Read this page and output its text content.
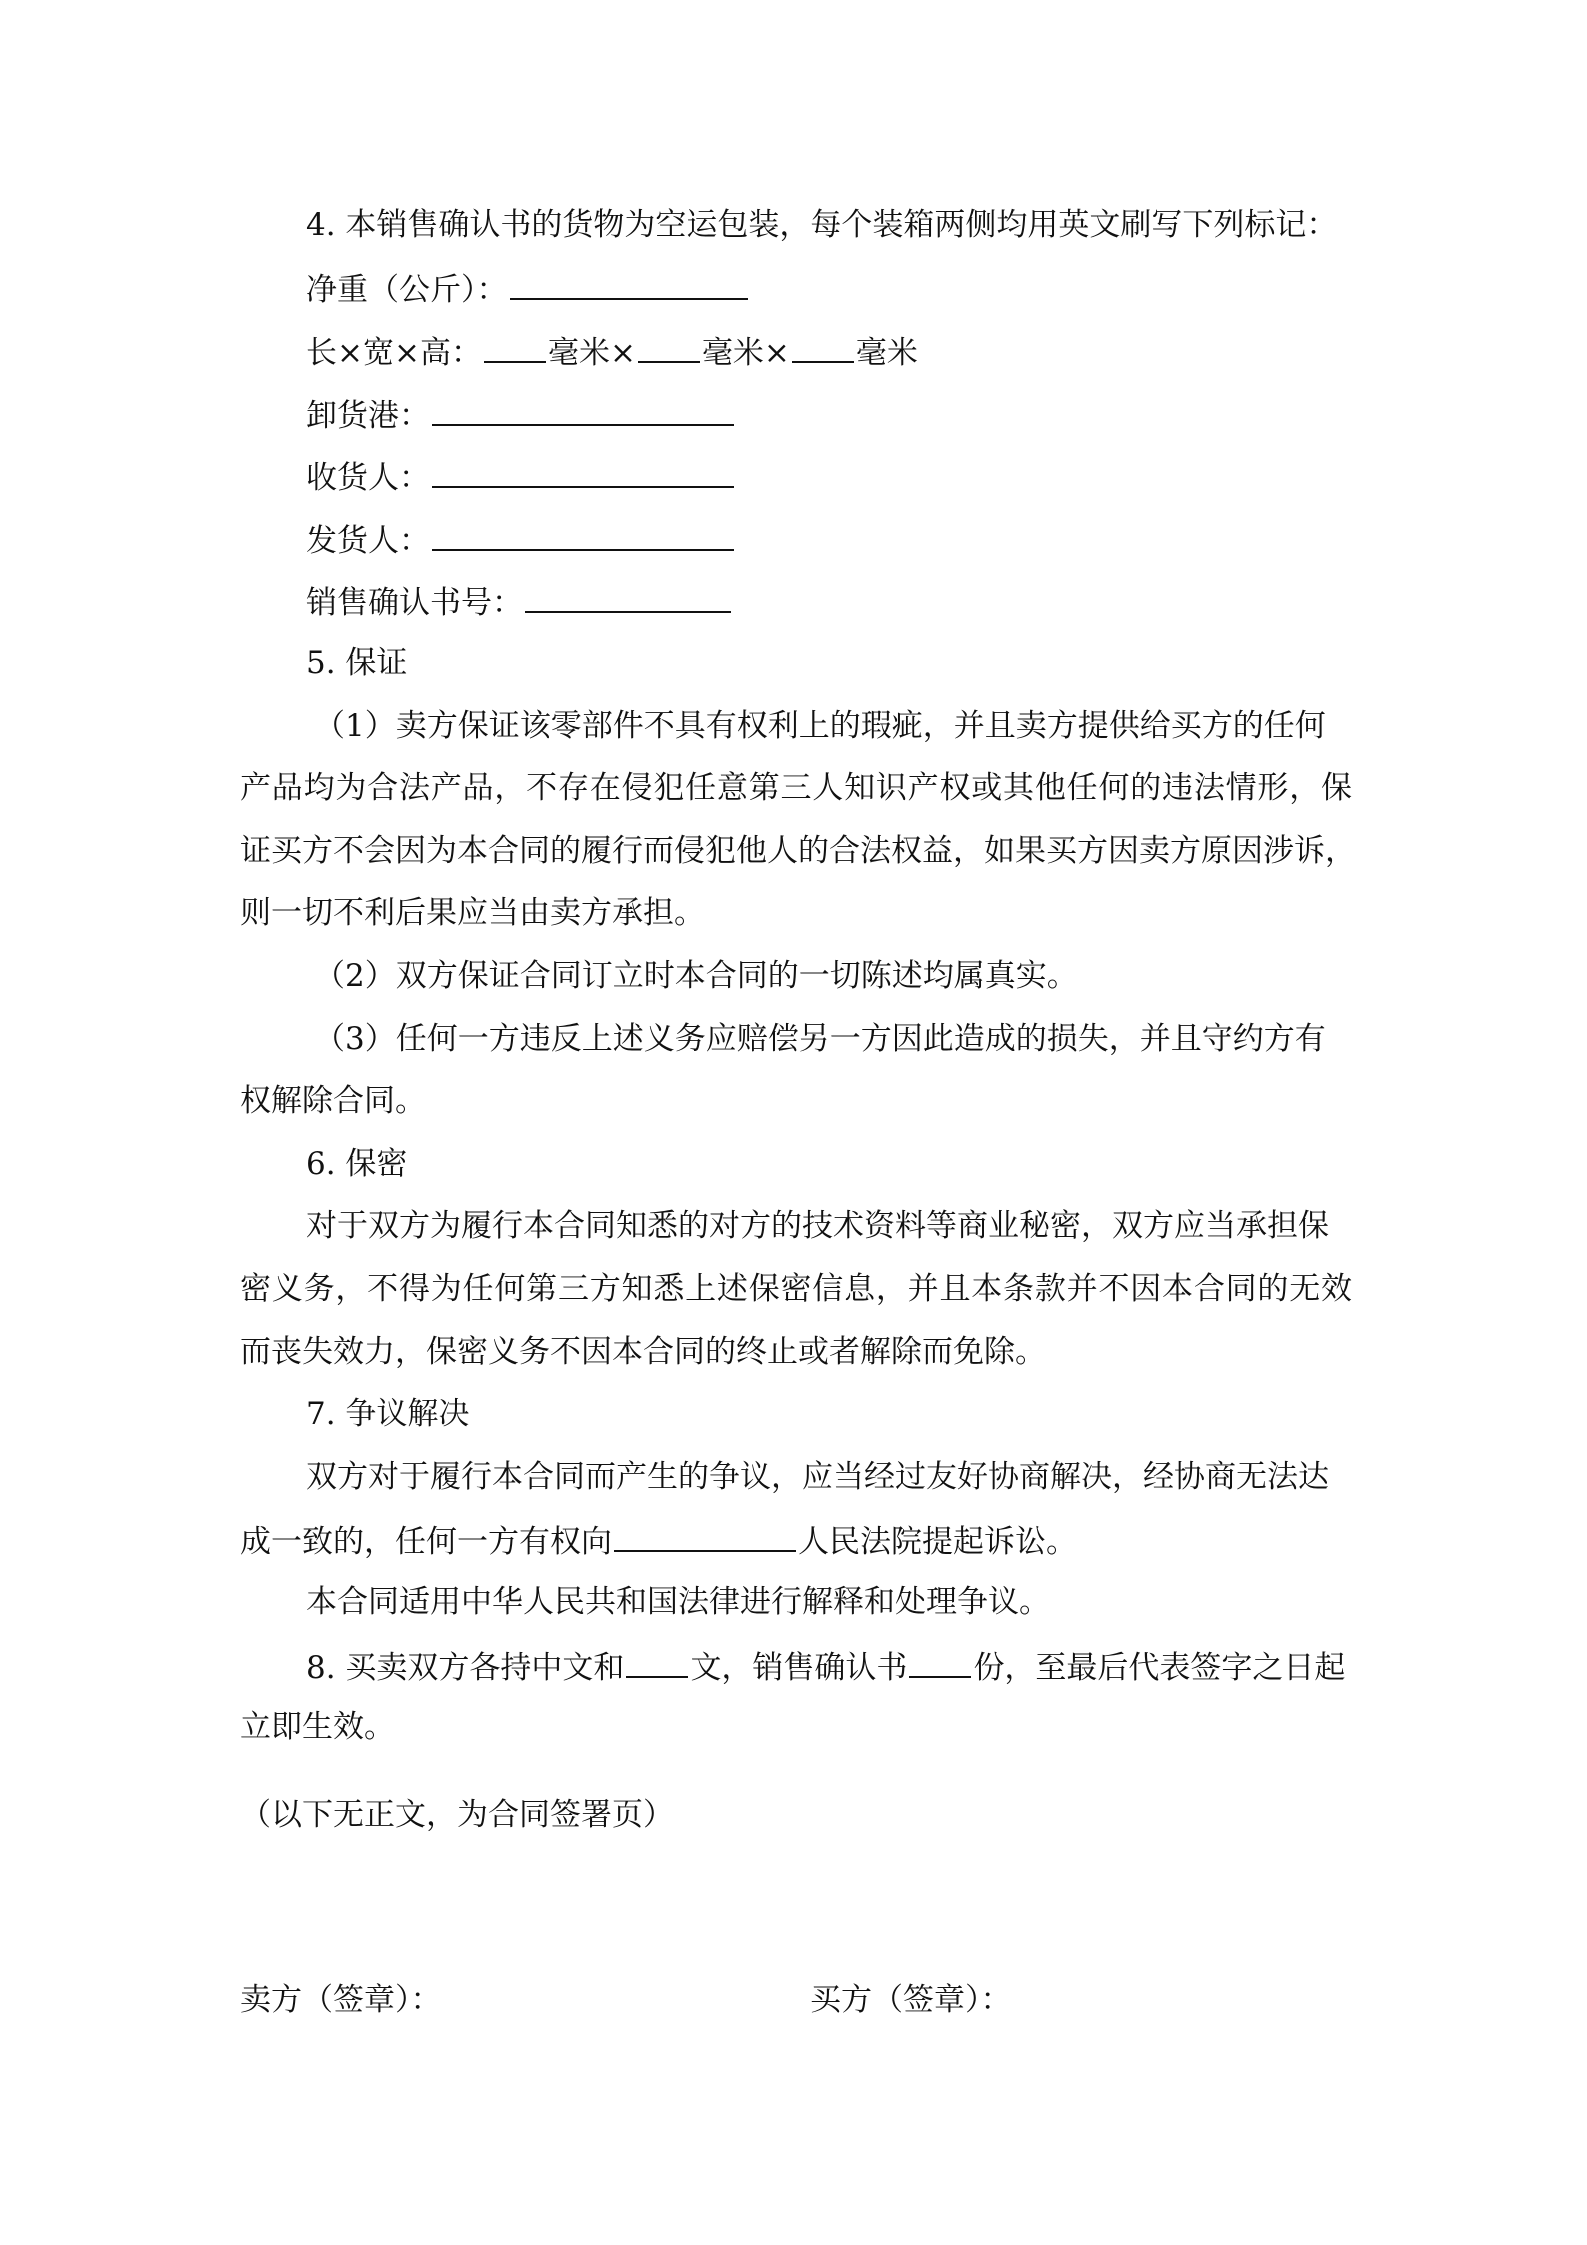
4. 本销售确认书的货物为空运包装，每个装箱两侧均用英文刷写下列标记：
净重（公斤）：
长×宽×高： 毫米× 毫米× 毫米
卸货港：
收货人：
发货人：
销售确认书号：
5. 保证
（1）卖方保证该零部件不具有权利上的瑕疵，并且卖方提供给买方的任何
产品均为合法产品，不存在侵犯任意第三人知识产权或其他任何的违法情形，保
证买方不会因为本合同的履行而侵犯他人的合法权益，如果买方因卖方原因涉诉，
则一切不利后果应当由卖方承担。
（2）双方保证合同订立时本合同的一切陈述均属真实。
（3）任何一方违反上述义务应赔偿另一方因此造成的损失，并且守约方有
权解除合同。
6. 保密
对于双方为履行本合同知悉的对方的技术资料等商业秘密，双方应当承担保
密义务，不得为任何第三方知悉上述保密信息，并且本条款并不因本合同的无效
而丧失效力，保密义务不因本合同的终止或者解除而免除。
7. 争议解决
双方对于履行本合同而产生的争议，应当经过友好协商解决，经协商无法达
成一致的，任何一方有权向	人民法院提起诉讼。
本合同适用中华人民共和国法律进行解释和处理争议。
8. 买卖双方各持中文和 文，销售确认书 份，至最后代表签字之日起
立即生效。
（以下无正文，为合同签署页）
卖方（签章）：	买方（签章）：
